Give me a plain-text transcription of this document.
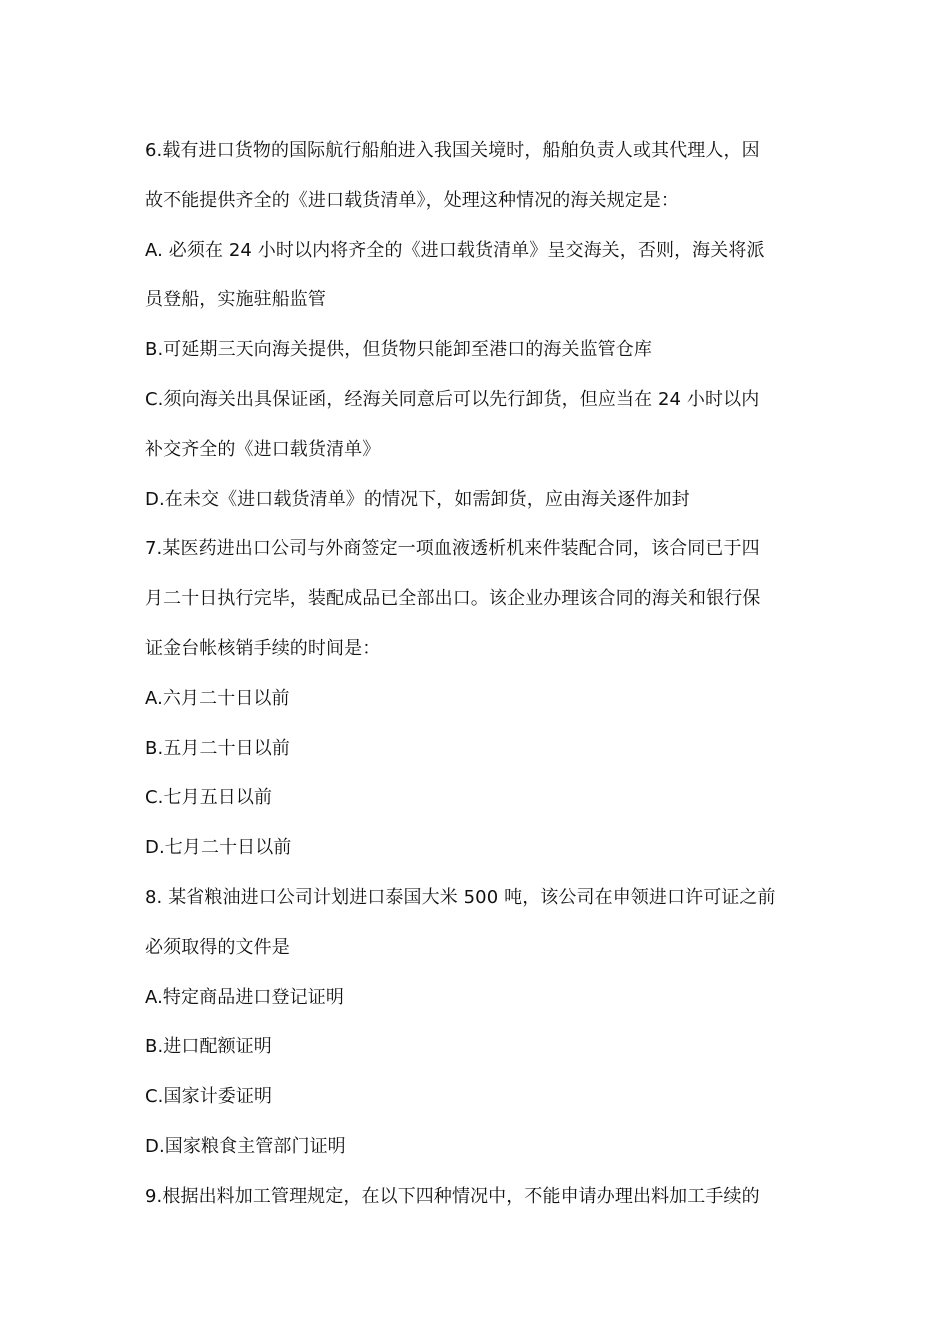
6.载有进口货物的国际航行船舶进入我国关境时，船舶负责人或其代理人，因
故不能提供齐全的《进口载货清单》，处理这种情况的海关规定是：
A. 必须在 24 小时以内将齐全的《进口载货清单》呈交海关，否则，海关将派
员登船，实施驻船监管
B.可延期三天向海关提供，但货物只能卸至港口的海关监管仓库
C.须向海关出具保证函，经海关同意后可以先行卸货，但应当在 24 小时以内
补交齐全的《进口载货清单》
D.在未交《进口载货清单》的情况下，如需卸货，应由海关逐件加封
7.某医药进出口公司与外商签定一项血液透析机来件装配合同，该合同已于四
月二十日执行完毕，装配成品已全部出口。该企业办理该合同的海关和银行保
证金台帐核销手续的时间是：
A.六月二十日以前
B.五月二十日以前
C.七月五日以前
D.七月二十日以前
8. 某省粮油进口公司计划进口泰国大米 500 吨，该公司在申领进口许可证之前
必须取得的文件是
A.特定商品进口登记证明
B.进口配额证明
C.国家计委证明
D.国家粮食主管部门证明
9.根据出料加工管理规定，在以下四种情况中，不能申请办理出料加工手续的
